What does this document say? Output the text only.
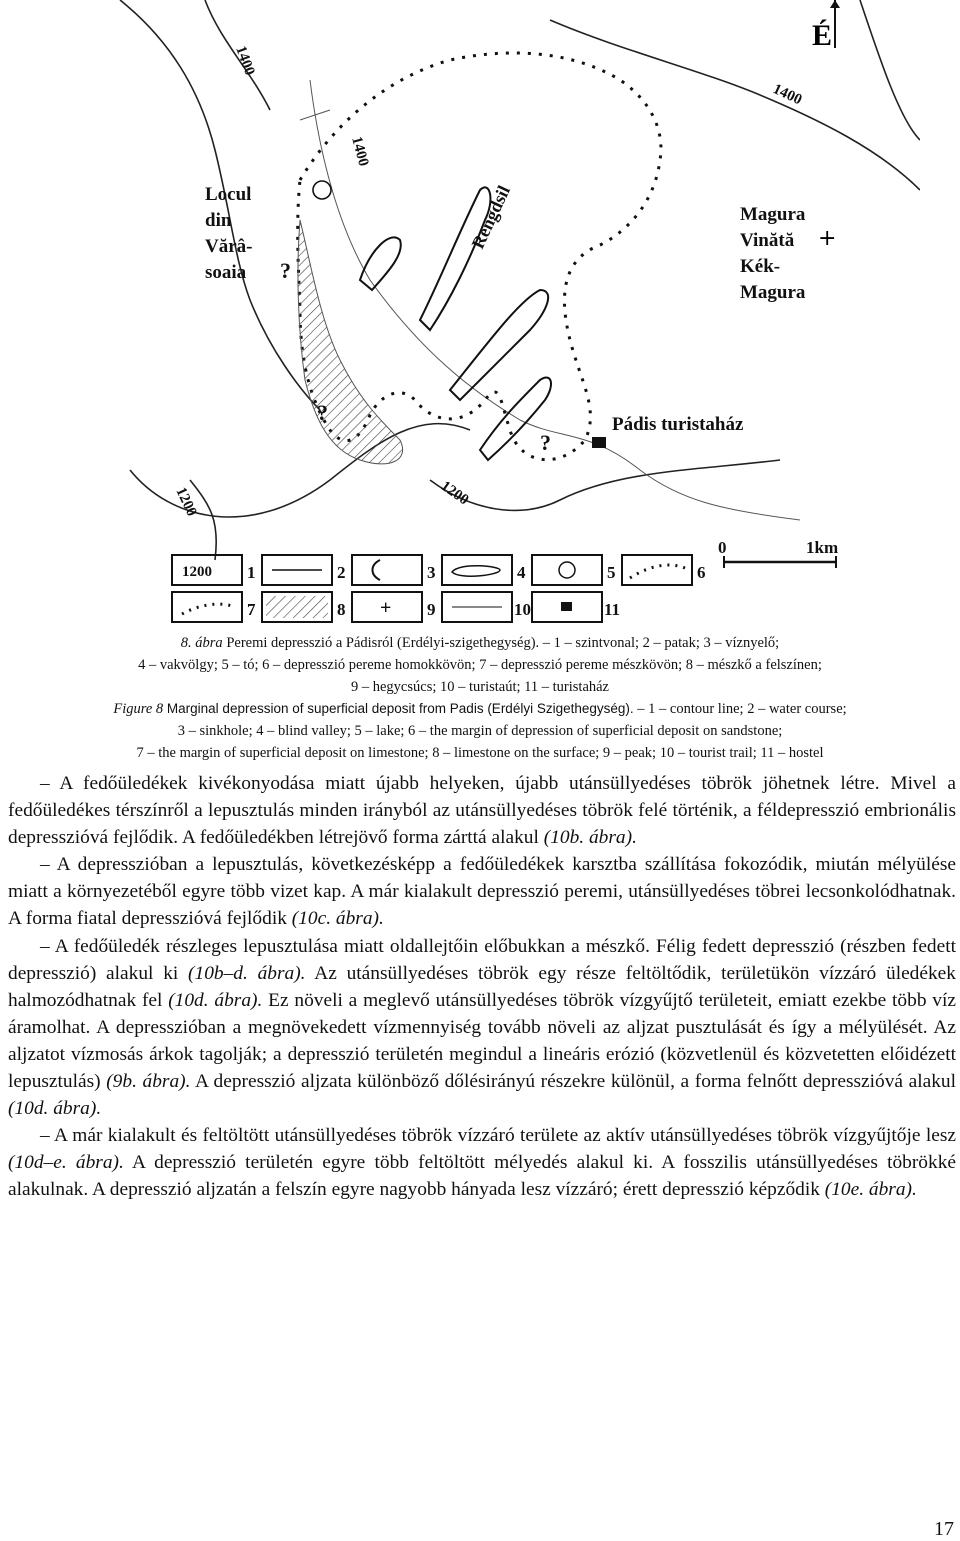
+
É
1400
1400
1400
1200	1200
Rengdsil
Locul din Vărâ- soaia
Magura Vinătă Kék- Magura
Pádis turistaház
?
?
?
0	1km
1200
+
1	2	3	4	5	6
7	8	9	10	11
8. ábra Peremi depresszió a Pádisról (Erdélyi-szigethegység). – 1 – szintvonal; 2 – patak; 3 – víznyelő;
4 – vakvölgy; 5 – tó; 6 – depresszió pereme homokkövön; 7 – depresszió pereme mészkövön; 8 – mészkő a felszínen;
9 – hegycsúcs; 10 – turistaút; 11 – turistaház
Figure 8 Marginal depression of superficial deposit from Padis (Erdélyi Szigethegység). – 1 – contour line; 2 – water course;
3 – sinkhole; 4 – blind valley; 5 – lake; 6 – the margin of depression of superficial deposit on sandstone;
7 – the margin of superficial deposit on limestone; 8 – limestone on the surface; 9 – peak; 10 – tourist trail; 11 – hostel

– A fedőüledékek kivékonyodása miatt újabb helyeken, újabb utánsüllyedéses töbrök jöhetnek létre. Mivel a fedőüledékes térszínről a lepusztulás minden irányból az utánsüllyedéses töbrök felé történik, a féldepresszió embrionális depresszióvá fejlődik. A fedőüledékben létrejövő forma zárttá alakul (10b. ábra).

– A depresszióban a lepusztulás, következésképp a fedőüledékek karsztba szállítása fokozódik, miután mélyülése miatt a környezetéből egyre több vizet kap. A már kialakult depresszió peremi, utánsüllyedéses töbrei lecsonkolódhatnak. A forma fiatal depresszióvá fejlődik (10c. ábra).

– A fedőüledék részleges lepusztulása miatt oldallejtőin előbukkan a mészkő. Félig fedett depresszió (részben fedett depresszió) alakul ki (10b–d. ábra). Az utánsüllyedéses töbrök egy része feltöltődik, területükön vízzáró üledékek halmozódhatnak fel (10d. ábra). Ez növeli a meglevő utánsüllyedéses töbrök vízgyűjtő területeit, emiatt ezekbe több víz áramolhat. A depresszióban a megnövekedett vízmennyiség tovább növeli az aljzat pusztulását és így a mélyülését. Az aljzatot vízmosás árkok tagolják; a depresszió területén megindul a lineáris erózió (közvetlenül és közvetetten előidézett lepusztulás) (9b. ábra). A depresszió aljzata különböző dőlésirányú részekre különül, a forma felnőtt depresszióvá alakul (10d. ábra).

– A már kialakult és feltöltött utánsüllyedéses töbrök vízzáró területe az aktív utánsüllyedéses töbrök vízgyűjtője lesz (10d–e. ábra). A depresszió területén egyre több feltöltött mélyedés alakul ki. A fosszilis utánsüllyedéses töbrökké alakulnak. A depresszió aljzatán a felszín egyre nagyobb hányada lesz vízzáró; érett depresszió képződik (10e. ábra).

17
